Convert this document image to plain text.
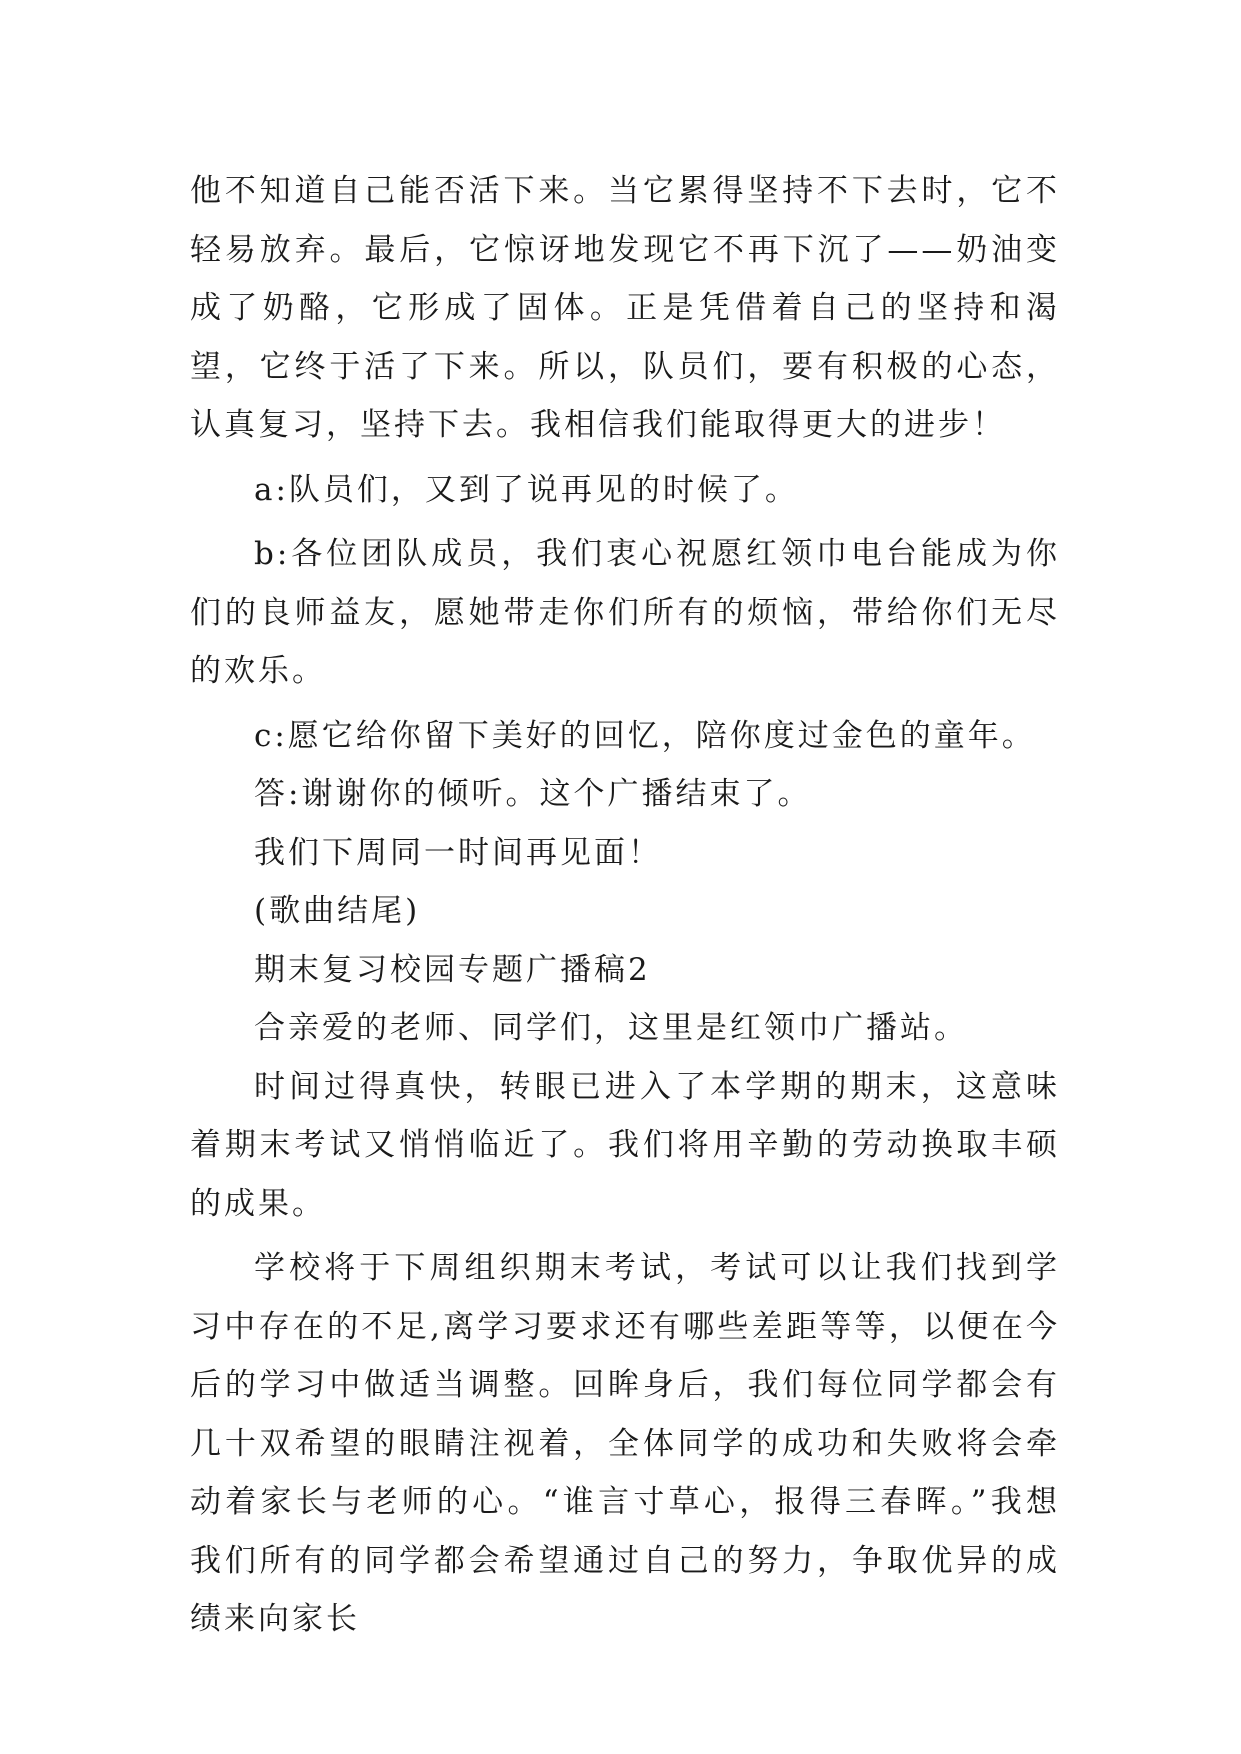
他不知道自己能否活下来。当它累得坚持不下去时，它不轻易放弃。最后，它惊讶地发现它不再下沉了——奶油变成了奶酪，它形成了固体。正是凭借着自己的坚持和渴望，它终于活了下来。所以，队员们，要有积极的心态，认真复习，坚持下去。我相信我们能取得更大的进步！

a:队员们，又到了说再见的时候了。

b:各位团队成员，我们衷心祝愿红领巾电台能成为你们的良师益友，愿她带走你们所有的烦恼，带给你们无尽的欢乐。

c:愿它给你留下美好的回忆，陪你度过金色的童年。

答:谢谢你的倾听。这个广播结束了。

我们下周同一时间再见面！

(歌曲结尾)

期末复习校园专题广播稿2

合亲爱的老师、同学们，这里是红领巾广播站。

时间过得真快，转眼已进入了本学期的期末，这意味着期末考试又悄悄临近了。我们将用辛勤的劳动换取丰硕的成果。

学校将于下周组织期末考试，考试可以让我们找到学习中存在的不足,离学习要求还有哪些差距等等，以便在今后的学习中做适当调整。回眸身后，我们每位同学都会有几十双希望的眼睛注视着，全体同学的成功和失败将会牵动着家长与老师的心。“谁言寸草心，报得三春晖。”我想我们所有的同学都会希望通过自己的努力，争取优异的成绩来向家长
